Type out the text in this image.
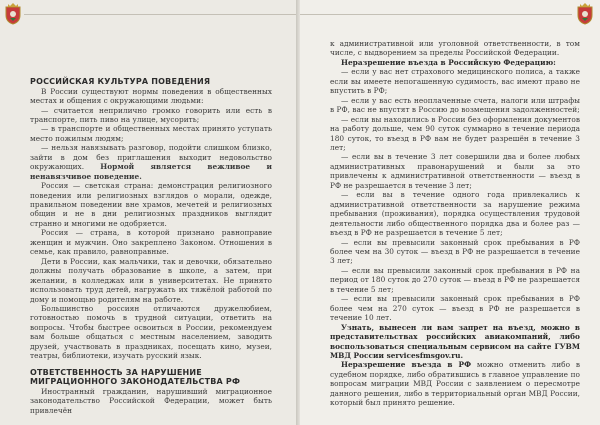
РОССИЙСКАЯ КУЛЬТУРА ПОВЕДЕНИЯ

В России существуют нормы поведения в общественных местах и общения с окружающими людьми:

— считается неприлично громко говорить или есть в транспорте, пить пиво на улице, мусорить;

— в транспорте и общественных местах принято уступать место пожилым людям;

— нельзя навязывать разговор, подойти слишком близко, зайти в дом без приглашения выходит недовольство окружающих. Нормой является вежливое и ненавязчивое поведение.

Россия — светская страна: демонстрация религиозного поведения или религиозных взглядов о морали, одежде, правильном поведении вне храмов, мечетей и религиозных общин и не в дни религиозных праздников выглядит странно и многими не одобряется.

Россия — страна, в которой признано равноправие женщин и мужчин. Оно закреплено Законом. Отношения в семье, как правило, равноправные.

Дети в России, как мальчики, так и девочки, обязательно должны получать образование в школе, а затем, при желании, в колледжах или в университетах. Не принято использовать труд детей, нагружать их тяжёлой работой по дому и помощью родителям на работе.

Большинство россиян отличаются дружелюбием, готовностью помочь в трудной ситуации, ответить на вопросы. Чтобы быстрее освоиться в России, рекомендуем вам больше общаться с местным населением, заводить друзей, участвовать в праздниках, посещать кино, музеи, театры, библиотеки, изучать русский язык.

ОТВЕТСТВЕННОСТЬ ЗА НАРУШЕНИЕ

МИГРАЦИОННОГО ЗАКОНОДАТЕЛЬСТВА РФ

Иностранный гражданин, нарушивший миграционное законодательство Российской Федерации, может быть привлечён

к административной или уголовной ответственности, в том числе, с выдворением за пределы Российской Федерации.

Неразрешение въезда в Российскую Федерацию:

— если у вас нет страхового медицинского полиса, а также если вы имеете непогашенную судимость, вас имеют право не впустить в РФ;

— если у вас есть неоплаченные счета, налоги или штрафы в РФ, вас не впустят в Россию до возмещения задолженностей;

— если вы находились в России без оформления документов на работу дольше, чем 90 суток суммарно в течение периода 180 суток, то въезд в РФ вам не будет разрешён в течение 3 лет;

— если вы в течение 3 лет совершили два и более любых административных правонарушений и были за это привлечены к административной ответственности — въезд в РФ не разрешается в течение 3 лет;

— если вы в течение одного года привлекались к административной ответственности за нарушение режима пребывания (проживания), порядка осуществления трудовой деятельности либо общественного порядка два и более раз — въезд в РФ не разрешается в течение 5 лет;

— если вы превысили законный срок пребывания в РФ более чем на 30 суток — въезд в РФ не разрешается в течение 3 лет;

— если вы превысили законный срок пребывания в РФ на период от 180 суток до 270 суток — въезд в РФ не разрешается в течение 5 лет;

— если вы превысили законный срок пребывания в РФ более чем на 270 суток — въезд в РФ не разрешается в течение 10 лет.

Узнать, вынесен ли вам запрет на въезд, можно в представительствах российских авиакомпаний, либо воспользоваться специальным сервисом на сайте ГУВМ МВД России servicesfmsgov.ru.

Неразрешение въезда в РФ можно отменить либо в судебном порядке, либо обратившись в главное управление по вопросам миграции МВД России с заявлением о пересмотре данного решения, либо в территориальный орган МВД России, который был принято решение.
